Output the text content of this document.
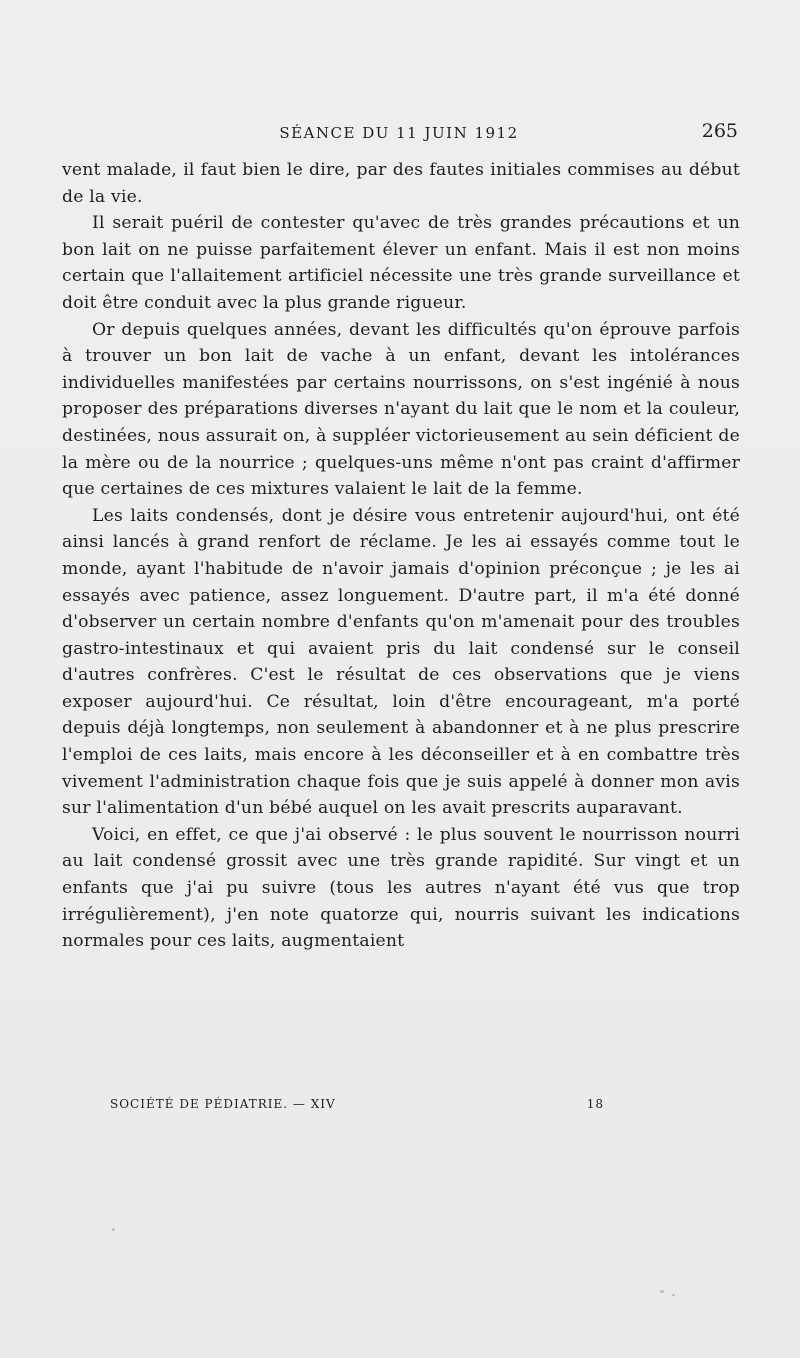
SÉANCE DU 11 JUIN 1912	265

vent malade, il faut bien le dire, par des fautes initiales commises au début de la vie.

Il serait puéril de contester qu'avec de très grandes précautions et un bon lait on ne puisse parfaitement élever un enfant. Mais il est non moins certain que l'allaitement artificiel nécessite une très grande surveillance et doit être conduit avec la plus grande rigueur.

Or depuis quelques années, devant les difficultés qu'on éprouve parfois à trouver un bon lait de vache à un enfant, devant les intolérances individuelles manifestées par certains nourrissons, on s'est ingénié à nous proposer des préparations diverses n'ayant du lait que le nom et la couleur, destinées, nous assurait on, à suppléer victorieusement au sein déficient de la mère ou de la nourrice ; quelques-uns même n'ont pas craint d'affirmer que certaines de ces mixtures valaient le lait de la femme.

Les laits condensés, dont je désire vous entretenir aujourd'hui, ont été ainsi lancés à grand renfort de réclame. Je les ai essayés comme tout le monde, ayant l'habitude de n'avoir jamais d'opinion préconçue ; je les ai essayés avec patience, assez longuement. D'autre part, il m'a été donné d'observer un certain nombre d'enfants qu'on m'amenait pour des troubles gastro-intestinaux et qui avaient pris du lait condensé sur le conseil d'autres confrères. C'est le résultat de ces observations que je viens exposer aujourd'hui. Ce résultat, loin d'être encourageant, m'a porté depuis déjà longtemps, non seulement à abandonner et à ne plus prescrire l'emploi de ces laits, mais encore à les déconseiller et à en combattre très vivement l'administration chaque fois que je suis appelé à donner mon avis sur l'alimentation d'un bébé auquel on les avait prescrits auparavant.

Voici, en effet, ce que j'ai observé : le plus souvent le nourrisson nourri au lait condensé grossit avec une très grande rapidité. Sur vingt et un enfants que j'ai pu suivre (tous les autres n'ayant été vus que trop irrégulièrement), j'en note quatorze qui, nourris suivant les indications normales pour ces laits, augmentaient

SOCIÉTÉ DE PÉDIATRIE. — XIV	18
